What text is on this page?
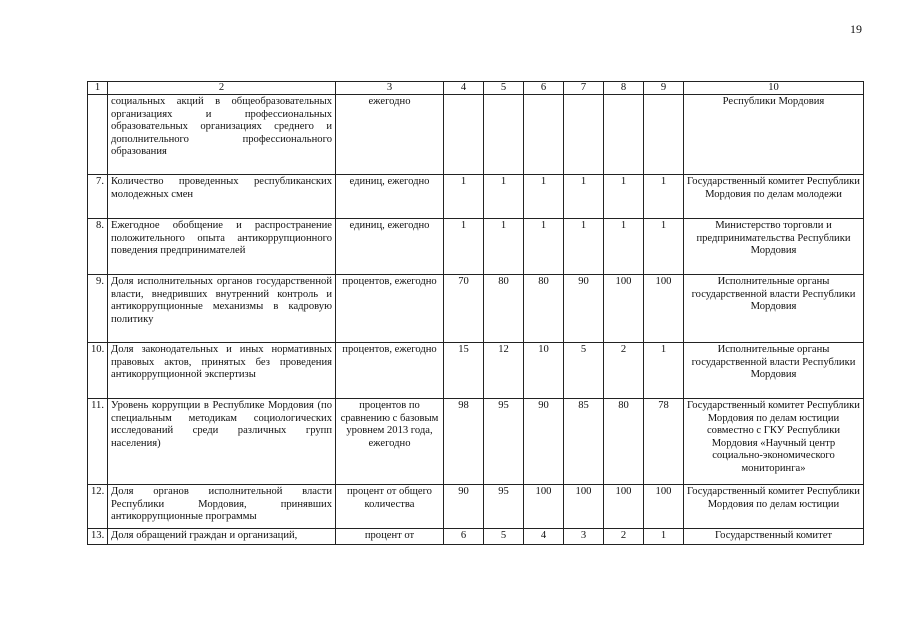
19
1	2	3	4	5	6	7	8	9	10
	социальных акций в общеобразовательных организациях и профессиональных образовательных организациях среднего и дополнительного профессионального образования	ежегодно							Республики Мордовия
7.	Количество проведенных республиканских молодежных смен	единиц, ежегодно	1	1	1	1	1	1	Государственный комитет Республики Мордовия по делам молодежи
8.	Ежегодное обобщение и распространение положительного опыта антикоррупционного поведения предпринимателей	единиц, ежегодно	1	1	1	1	1	1	Министерство торговли и предпринимательства Республики Мордовия
9.	Доля исполнительных органов государственной власти, внедривших внутренний контроль и антикоррупционные механизмы в кадровую политику	процентов, ежегодно	70	80	80	90	100	100	Исполнительные органы государственной власти Республики Мордовия
10.	Доля законодательных и иных нормативных правовых актов, принятых без проведения антикоррупционной экспертизы	процентов, ежегодно	15	12	10	5	2	1	Исполнительные органы государственной власти Республики Мордовия
11.	Уровень коррупции в Республике Мордовия (по специальным методикам социологических исследований среди различных групп населения)	процентов по сравнению с базовым уровнем 2013 года, ежегодно	98	95	90	85	80	78	Государственный комитет Республики Мордовия по делам юстиции совместно с ГКУ Республики Мордовия «Научный центр социально-экономического мониторинга»
12.	Доля органов исполнительной власти Республики Мордовия, принявших антикоррупционные программы	процент от общего количества	90	95	100	100	100	100	Государственный комитет Республики Мордовия по делам юстиции
13.	Доля обращений граждан и организаций,	процент от	6	5	4	3	2	1	Государственный комитет
